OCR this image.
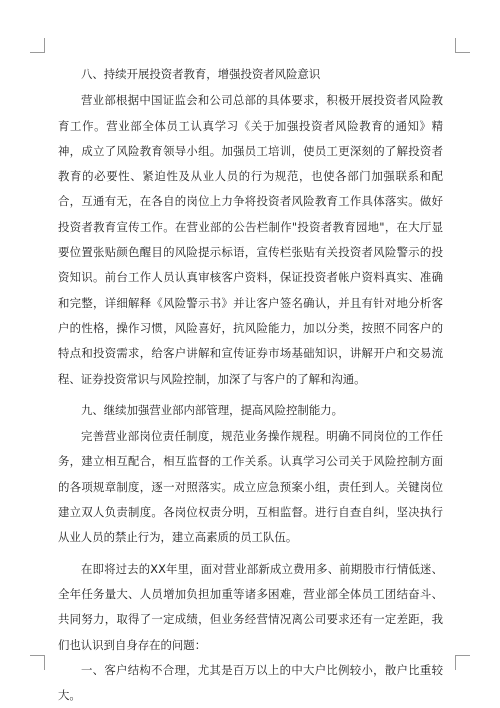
八、持续开展投资者教育，增强投资者风险意识

营业部根据中国证监会和公司总部的具体要求，积极开展投资者风险教育工作。营业部全体员工认真学习《关于加强投资者风险教育的通知》精神，成立了风险教育领导小组。加强员工培训，使员工更深刻的了解投资者教育的必要性、紧迫性及从业人员的行为规范，也使各部门加强联系和配合，互通有无，在各自的岗位上力争将投资者风险教育工作具体落实。做好投资者教育宣传工作。在营业部的公告栏制作"投资者教育园地"，在大厅显要位置张贴颜色醒目的风险提示标语，宣传栏张贴有关投资者风险警示的投资知识。前台工作人员认真审核客户资料，保证投资者帐户资料真实、准确和完整，详细解释《风险警示书》并让客户签名确认，并且有针对地分析客户的性格，操作习惯，风险喜好，抗风险能力，加以分类，按照不同客户的特点和投资需求，给客户讲解和宣传证券市场基础知识，讲解开户和交易流程、证券投资常识与风险控制，加深了与客户的了解和沟通。

九、继续加强营业部内部管理，提高风险控制能力。

完善营业部岗位责任制度，规范业务操作规程。明确不同岗位的工作任务，建立相互配合，相互监督的工作关系。认真学习公司关于风险控制方面的各项规章制度，逐一对照落实。成立应急预案小组，责任到人。关键岗位建立双人负责制度。各岗位权责分明，互相监督。进行自查自纠，坚决执行从业人员的禁止行为，建立高素质的员工队伍。

在即将过去的XX年里，面对营业部新成立费用多、前期股市行情低迷、全年任务量大、人员增加负担加重等诸多困难，营业部全体员工团结奋斗、共同努力，取得了一定成绩，但业务经营情况离公司要求还有一定差距，我们也认识到自身存在的问题：

一、客户结构不合理，尤其是百万以上的中大户比例较小，散户比重较大。
